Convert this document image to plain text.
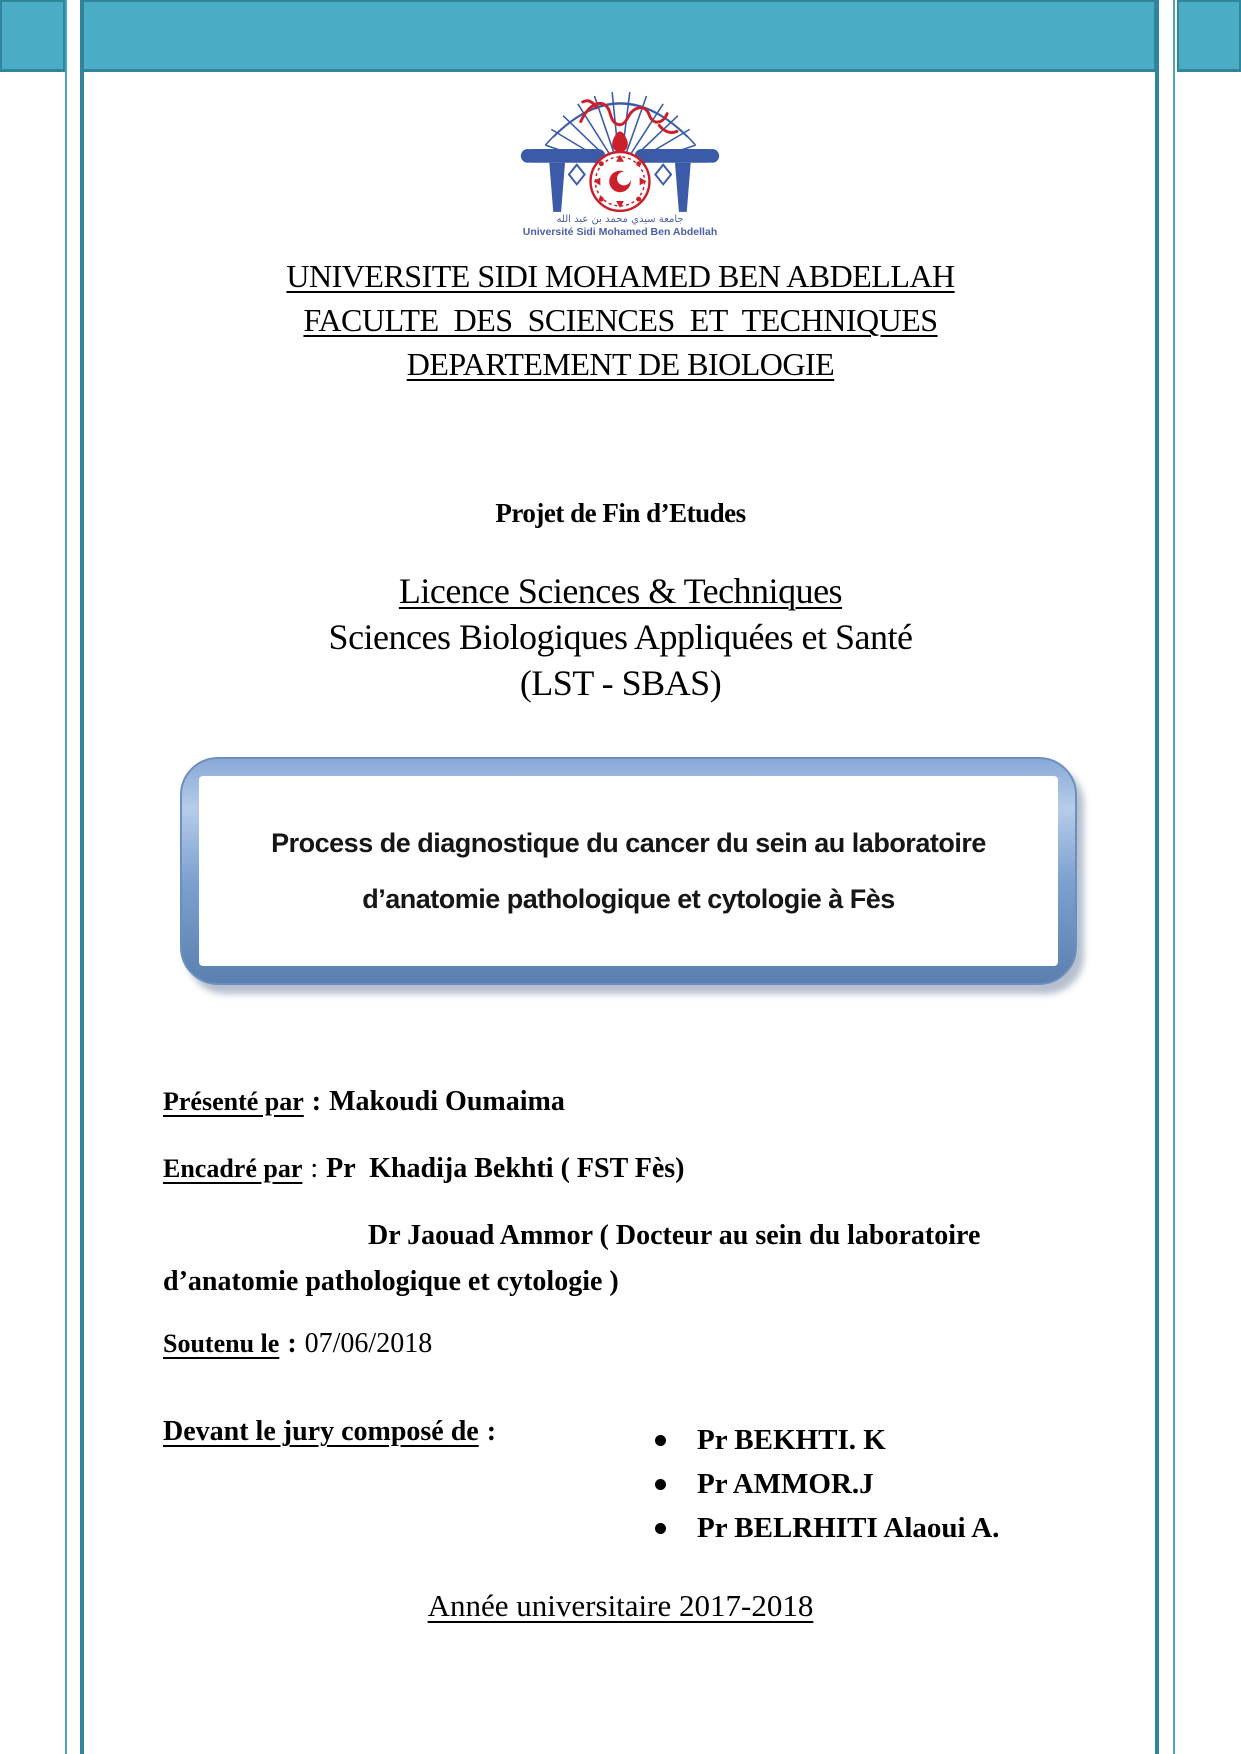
جامعة سيدي محمد بن عبد الله
Université Sidi Mohamed Ben Abdellah
UNIVERSITE SIDI MOHAMED BEN ABDELLAH
FACULTE  DES  SCIENCES  ET  TECHNIQUES
DEPARTEMENT DE BIOLOGIE
Projet de Fin d’Etudes
Licence Sciences & Techniques
Sciences Biologiques Appliquées et Santé
(LST - SBAS)
Process de diagnostique du cancer du sein au laboratoire
d’anatomie pathologique et cytologie à Fès

Présenté par : Makoudi Oumaima

Encadré par : Pr  Khadija Bekhti ( FST Fès)

Dr Jaouad Ammor ( Docteur au sein du laboratoire

d’anatomie pathologique et cytologie )

Soutenu le : 07/06/2018

Devant le jury composé de :
	Pr BEKHTI. K
Pr AMMOR.J
Pr BELRHITI Alaoui A.
Année universitaire 2017-2018
